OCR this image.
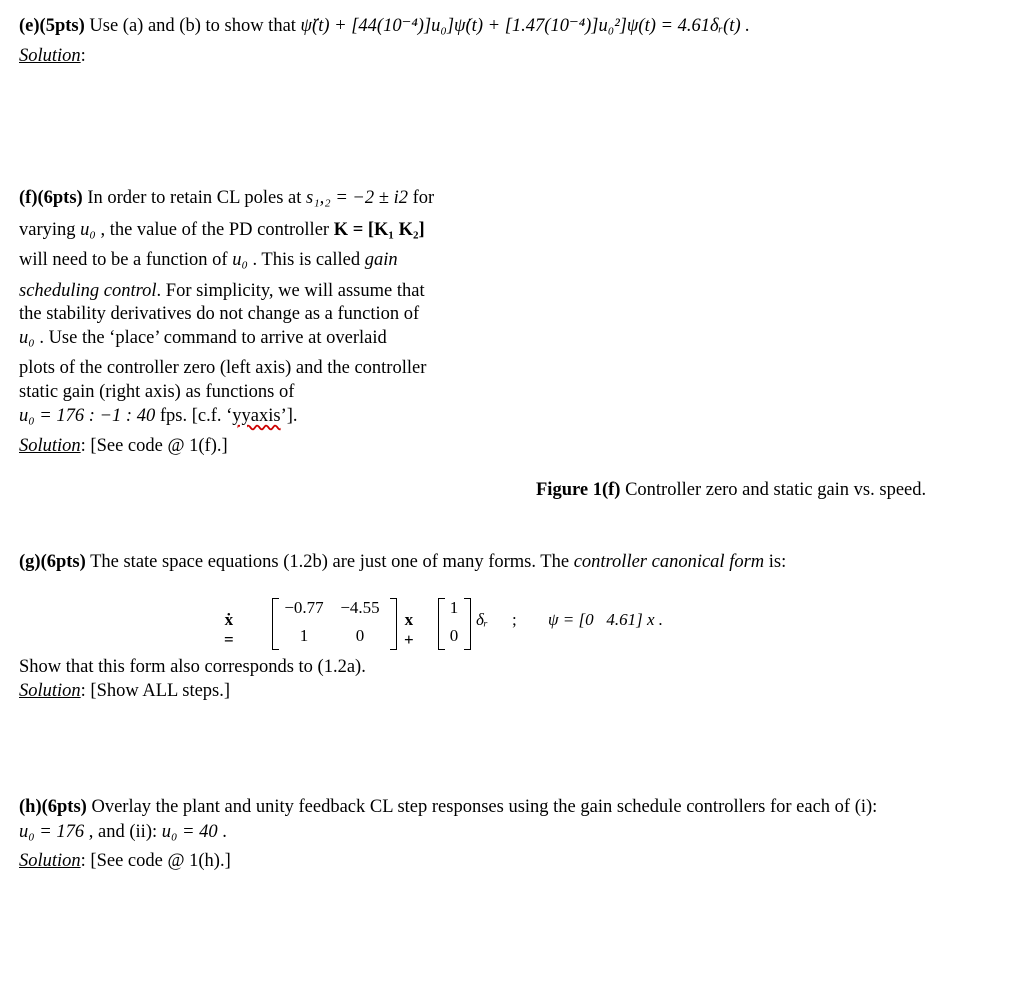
(e)(5pts) Use (a) and (b) to show that ψ̈(t) + [44(10⁻⁴)]u₀]ψ̇(t) + [1.47(10⁻⁴)]u₀²]ψ(t) = 4.61δᵣ(t) .
Solution:
(f)(6pts) In order to retain CL poles at s₁,₂ = −2 ± i2 for
varying u₀ , the value of the PD controller K = [K₁ K₂]
will need to be a function of u₀ . This is called gain
scheduling control. For simplicity, we will assume that
the stability derivatives do not change as a function of
u₀ . Use the ‘place’ command to arrive at overlaid
plots of the controller zero (left axis) and the controller
static gain (right axis) as functions of
u₀ = 176 : −1 : 40 fps. [c.f. ‘yyaxis’].
Solution: [See code @ 1(f).]
Figure 1(f) Controller zero and static gain vs. speed.
(g)(6pts) The state space equations (1.2b) are just one of many forms. The controller canonical form is:
ẋ =
−0.77 −4.55
1	0
x +
1
0
δᵣ ; ψ = [0   4.61] x .
Show that this form also corresponds to (1.2a).
Solution: [Show ALL steps.]
(h)(6pts) Overlay the plant and unity feedback CL step responses using the gain schedule controllers for each of (i):
u₀ = 176 , and (ii): u₀ = 40 .
Solution: [See code @ 1(h).]
